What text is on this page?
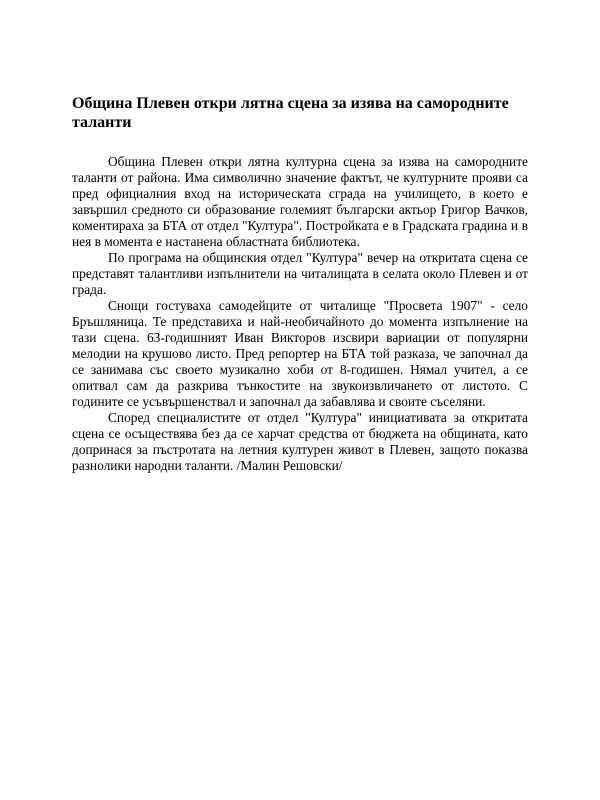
Община Плевен откри лятна сцена за изява на самородните таланти

Община Плевен откри лятна културна сцена за изява на самородните таланти от района. Има символично значение фактът, че културните прояви са пред официалния вход на историческата сграда на училището, в което е завършил средното си образование големият български актьор Григор Вачков, коментираха за БТА от отдел "Култура". Постройката е в Градската градина и в нея в момента е настанена областната библиотека.

По програма на общинския отдел "Култура" вечер на откритата сцена се представят талантливи изпълнители на читалищата в селата около Плевен и от града.

Снощи гостуваха самодейците от читалище "Просвета 1907" - село Бръшляница. Те представиха и най-необичайното до момента изпълнение на тази сцена. 63-годишният Иван Викторов изсвири вариации от популярни мелодии на крушово листо. Пред репортер на БТА той разказа, че започнал да се занимава със своето музикално хоби от 8-годишен. Нямал учител, а се опитвал сам да разкрива тънкостите на звукоизвличането от листото. С годините се усъвършенствал и започнал да забавлява и своите съселяни.

Според специалистите от отдел "Култура" инициативата за откритата сцена се осъществява без да се харчат средства от бюджета на общината, като допринася за пъстротата на летния културен живот в Плевен, защото показва разнолики народни таланти. /Малин Решовски/
